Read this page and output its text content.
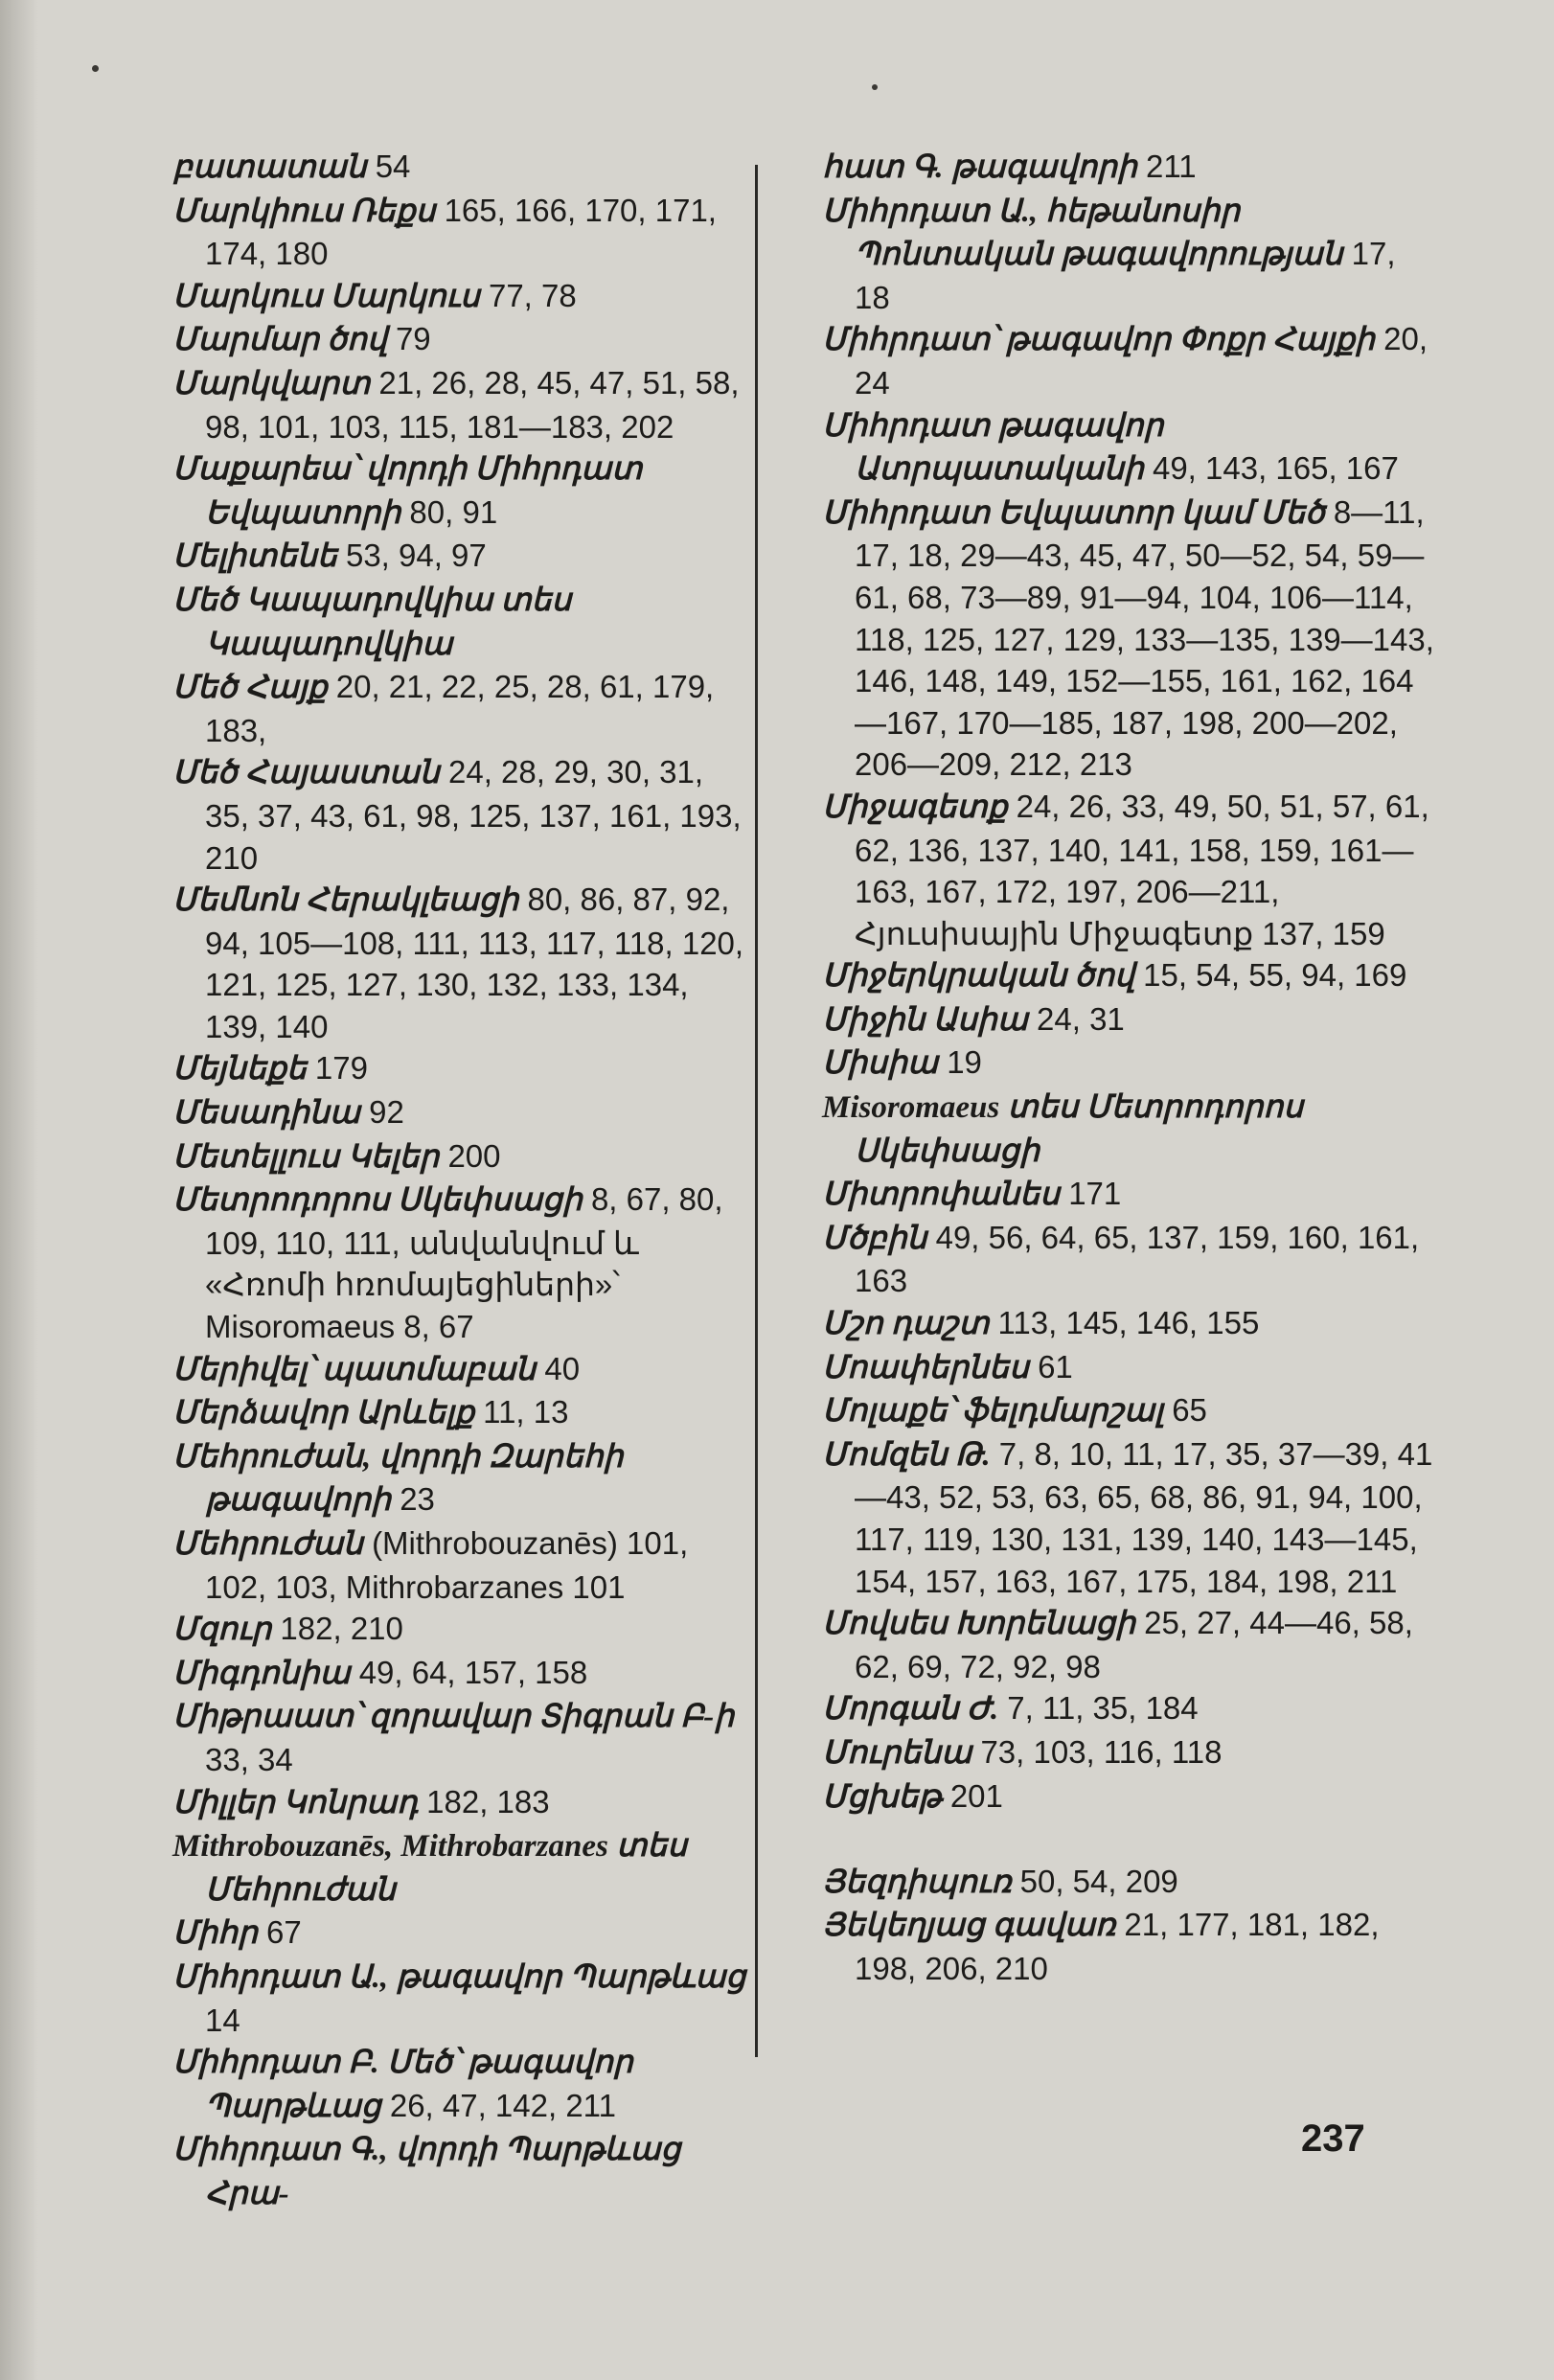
բատատան 54

Մարկիուս Ռեքս 165, 166, 170, 171, 174, 180

Մարկուս Մարկուս 77, 78

Մարմար ծով 79

Մարկվարտ 21, 26, 28, 45, 47, 51, 58, 98, 101, 103, 115, 181—183, 202

Մաքարեա՝ վորդի Միհրդատ Եվպատորի 80, 91

Մելիտենե 53, 94, 97

Մեծ Կապադովկիա տես Կապադովկիա

Մեծ Հայք 20, 21, 22, 25, 28, 61, 179, 183,

Մեծ Հայաստան 24, 28, 29, 30, 31, 35, 37, 43, 61, 98, 125, 137, 161, 193, 210

Մեմնոն Հերակլեացի 80, 86, 87, 92, 94, 105—108, 111, 113, 117, 118, 120, 121, 125, 127, 130, 132, 133, 134, 139, 140

Մեյնեքե 179

Մեսադինա 92

Մետելլուս Կելեր 200

Մետրոդորոս Սկեփսացի 8, 67, 80, 109, 110, 111, անվանվում և «Հռոմի հռոմայեցիների»՝ Misoromaeus 8, 67

Մերիվել՝ պատմաբան 40

Մերձավոր Արևելք 11, 13

Մեհրուժան, վորդի Զարեհի թագավորի 23

Մեհրուժան (Mithrobouzanēs) 101, 102, 103, Mithrobarzanes 101

Մզուր 182, 210

Միգդոնիա 49, 64, 157, 158

Միթրաատ՝ զորավար Տիգրան Բ-ի 33, 34

Միլլեր Կոնրադ 182, 183

Mithrobouzanēs, Mithrobarzanes տես Մեհրուժան

Միհր 67

Միհրդատ Ա., թագավոր Պարթևաց 14

Միհրդատ Բ. Մեծ՝ թագավոր Պարթևաց 26, 47, 142, 211

Միհրդատ Գ., վորդի Պարթևաց Հրա-

հատ Գ. թագավորի 211

Միհրդատ Ա., հեթանոսիր Պոնտական թագավորության 17, 18

Միհրդատ՝ թագավոր Փոքր Հայքի 20, 24

Միհրդատ թագավոր Ատրպատականի 49, 143, 165, 167

Միհրդատ Եվպատոր կամ Մեծ 8—11, 17, 18, 29—43, 45, 47, 50—52, 54, 59—61, 68, 73—89, 91—94, 104, 106—114, 118, 125, 127, 129, 133—135, 139—143, 146, 148, 149, 152—155, 161, 162, 164—167, 170—185, 187, 198, 200—202, 206—209, 212, 213

Միջագետք 24, 26, 33, 49, 50, 51, 57, 61, 62, 136, 137, 140, 141, 158, 159, 161—163, 167, 172, 197, 206—211, Հյուսիսային Միջագետք 137, 159

Միջերկրական ծով 15, 54, 55, 94, 169

Միջին Ասիա 24, 31

Միսիա 19

Misoromaeus տես Մետրոդորոս Սկեփսացի

Միտրոփանես 171

Մծբին 49, 56, 64, 65, 137, 159, 160, 161, 163

Մշո դաշտ 113, 145, 146, 155

Մոափերնես 61

Մոլաքե՝ ֆելդմարշալ 65

Մոմզեն Թ. 7, 8, 10, 11, 17, 35, 37—39, 41—43, 52, 53, 63, 65, 68, 86, 91, 94, 100, 117, 119, 130, 131, 139, 140, 143—145, 154, 157, 163, 167, 175, 184, 198, 211

Մովսես Խորենացի 25, 27, 44—46, 58, 62, 69, 72, 92, 98

Մորգան Ժ. 7, 11, 35, 184

Մուրենա 73, 103, 116, 118

Մցխեթ 201

Յեզդիպուռ 50, 54, 209

Յեկեղյաց գավառ 21, 177, 181, 182, 198, 206, 210

237
